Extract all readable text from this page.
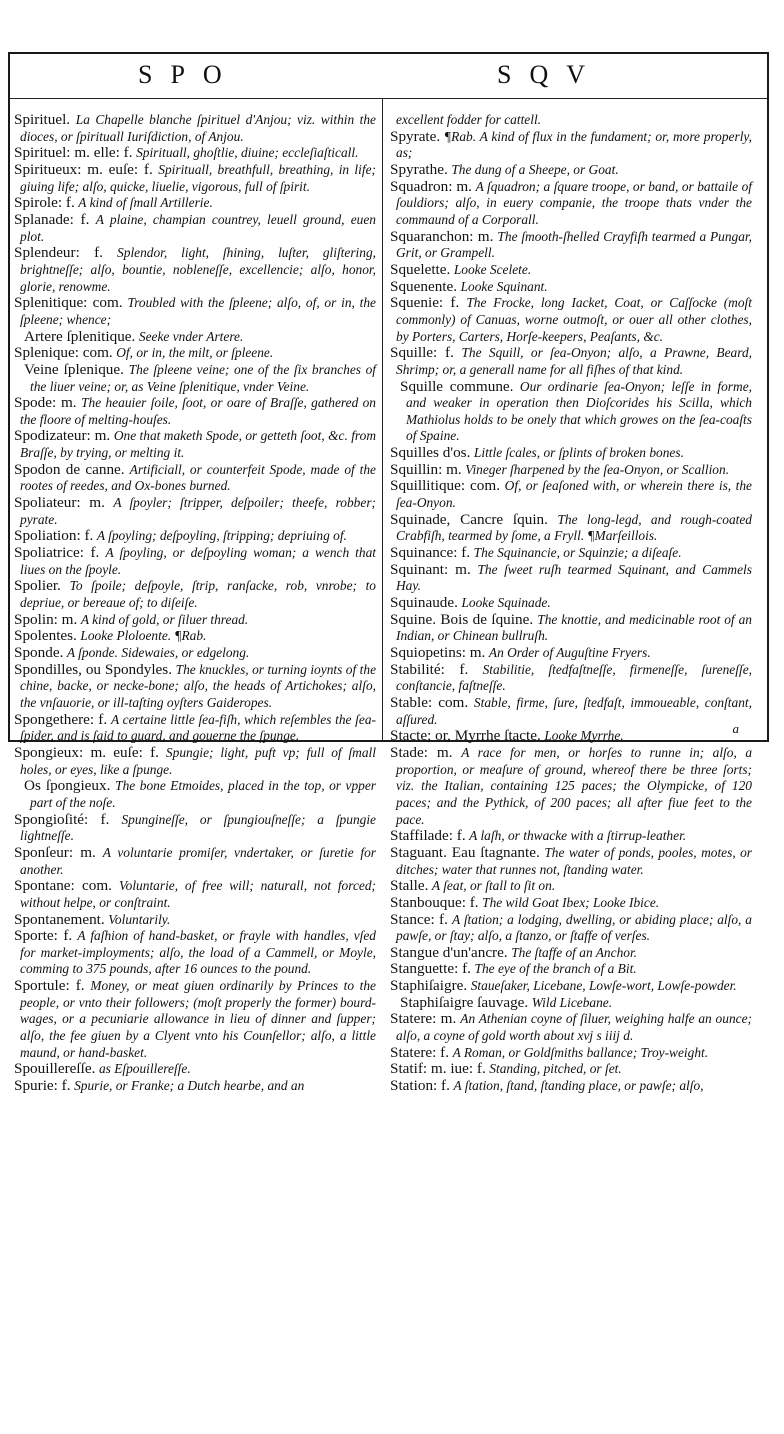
SPO	SQV

Spirituel. La Chapelle blanche ſpirituel d'Anjou; viz. within the dioces, or ſpirituall Iuriſdiction, of Anjou.

Spirituel: m. elle: f. Spirituall, ghoſtlie, diuine; eccleſiaſticall.

Spiritueux: m. euſe: f. Spirituall, breathfull, breathing, in life; giuing life; alſo, quicke, liuelie, vigorous, full of ſpirit.

Spirole: f. A kind of ſmall Artillerie.

Splanade: f. A plaine, champian countrey, leuell ground, euen plot.

Splendeur: f. Splendor, light, ſhining, luſter, gliſtering, brightneſſe; alſo, bountie, nobleneſſe, excellencie; alſo, honor, glorie, renowme.

Splenitique: com. Troubled with the ſpleene; alſo, of, or in, the ſpleene; whence;

Artere ſplenitique. Seeke vnder Artere.

Splenique: com. Of, or in, the milt, or ſpleene.

Veine ſplenique. The ſpleene veine; one of the ſix branches of the liuer veine; or, as Veine ſplenitique, vnder Veine.

Spode: m. The heauier ſoile, ſoot, or oare of Braſſe, gathered on the floore of melting-houſes.

Spodizateur: m. One that maketh Spode, or getteth ſoot, &c. from Braſſe, by trying, or melting it.

Spodon de canne. Artificiall, or counterfeit Spode, made of the rootes of reedes, and Ox-bones burned.

Spoliateur: m. A ſpoyler; ſtripper, deſpoiler; theefe, robber; pyrate.

Spoliation: f. A ſpoyling; deſpoyling, ſtripping; depriuing of.

Spoliatrice: f. A ſpoyling, or deſpoyling woman; a wench that liues on the ſpoyle.

Spolier. To ſpoile; deſpoyle, ſtrip, ranſacke, rob, vnrobe; to depriue, or bereaue of; to diſeiſe.

Spolin: m. A kind of gold, or ſiluer thread.

Spolentes. Looke Ploloente. ¶Rab.

Sponde. A ſponde. Sidewaies, or edgelong.

Spondilles, ou Spondyles. The knuckles, or turning ioynts of the chine, backe, or necke-bone; alſo, the heads of Artichokes; alſo, the vnſauorie, or ill-taſting oyſters Gaideropes.

Spongethere: f. A certaine little ſea-fiſh, which reſembles the ſea-ſpider, and is ſaid to guard, and gouerne the ſpunge.

Spongieux: m. euſe: f. Spungie; light, puft vp; full of ſmall holes, or eyes, like a ſpunge.

Os ſpongieux. The bone Etmoides, placed in the top, or vpper part of the noſe.

Spongioſité: f. Spungineſſe, or ſpungiouſneſſe; a ſpungie lightneſſe.

Sponſeur: m. A voluntarie promiſer, vndertaker, or ſuretie for another.

Spontane: com. Voluntarie, of free will; naturall, not forced; without helpe, or conſtraint.

Spontanement. Voluntarily.

Sporte: f. A faſhion of hand-basket, or frayle with handles, vſed for market-imployments; alſo, the load of a Cammell, or Moyle, comming to 375 pounds, after 16 ounces to the pound.

Sportule: f. Money, or meat giuen ordinarily by Princes to the people, or vnto their followers; (moſt properly the former) bourd-wages, or a pecuniarie allowance in lieu of dinner and ſupper; alſo, the fee giuen by a Clyent vnto his Counſellor; alſo, a little maund, or hand-basket.

Spouillereſſe. as Eſpouillereſſe.

Spurie: f. Spurie, or Franke; a Dutch hearbe, and an

excellent fodder for cattell.

Spyrate. ¶Rab. A kind of flux in the fundament; or, more properly, as;

Spyrathe. The dung of a Sheepe, or Goat.

Squadron: m. A ſquadron; a ſquare troope, or band, or battaile of ſouldiors; alſo, in euery companie, the troope thats vnder the commaund of a Corporall.

Squaranchon: m. The ſmooth-ſhelled Crayfiſh tearmed a Pungar, Grit, or Grampell.

Squelette. Looke Scelete.

Squenente. Looke Squinant.

Squenie: f. The Frocke, long Iacket, Coat, or Caſſocke (moſt commonly) of Canuas, worne outmoſt, or ouer all other clothes, by Porters, Carters, Horſe-keepers, Peaſants, &c.

Squille: f. The Squill, or ſea-Onyon; alſo, a Prawne, Beard, Shrimp; or, a generall name for all fiſhes of that kind.

Squille commune. Our ordinarie ſea-Onyon; leſſe in forme, and weaker in operation then Dioſcorides his Scilla, which Mathiolus holds to be onely that which growes on the ſea-coaſts of Spaine.

Squilles d'os. Little ſcales, or ſplints of broken bones.

Squillin: m. Vineger ſharpened by the ſea-Onyon, or Scallion.

Squillitique: com. Of, or ſeaſoned with, or wherein there is, the ſea-Onyon.

Squinade, Cancre ſquin. The long-legd, and rough-coated Crabfiſh, tearmed by ſome, a Fryll. ¶Marſeillois.

Squinance: f. The Squinancie, or Squinzie; a diſeaſe.

Squinant: m. The ſweet ruſh tearmed Squinant, and Cammels Hay.

Squinaude. Looke Squinade.

Squine. Bois de ſquine. The knottie, and medicinable root of an Indian, or Chinean bullruſh.

Squiopetins: m. An Order of Auguſtine Fryers.

Stabilité: f. Stabilitie, ſtedfaſtneſſe, firmeneſſe, ſureneſſe, conſtancie, faſtneſſe.

Stable: com. Stable, firme, ſure, ſtedfaſt, immoueable, conſtant, aſſured.

Stacte; or, Myrrhe ſtacte. Looke Myrrhe.

Stade: m. A race for men, or horſes to runne in; alſo, a proportion, or meaſure of ground, whereof there be three ſorts; viz. the Italian, containing 125 paces; the Olympicke, of 120 paces; and the Pythick, of 200 paces; all after fiue feet to the pace.

Staffilade: f. A laſh, or thwacke with a ſtirrup-leather.

Staguant. Eau ſtagnante. The water of ponds, pooles, motes, or ditches; water that runnes not, ſtanding water.

Stalle. A ſeat, or ſtall to ſit on.

Stanbouque: f. The wild Goat Ibex; Looke Ibice.

Stance: f. A ſtation; a lodging, dwelling, or abiding place; alſo, a pawſe, or ſtay; alſo, a ſtanzo, or ſtaffe of verſes.

Stangue d'un'ancre. The ſtaffe of an Anchor.

Stanguette: f. The eye of the branch of a Bit.

Staphiſaigre. Staueſaker, Licebane, Lowſe-wort, Lowſe-powder.

Staphiſaigre ſauvage. Wild Licebane.

Statere: m. An Athenian coyne of ſiluer, weighing halfe an ounce; alſo, a coyne of gold worth about xvj s iiij d.

Statere: f. A Roman, or Goldſmiths ballance; Troy-weight.

Statif: m. iue: f. Standing, pitched, or ſet.

Station: f. A ſtation, ſtand, ſtanding place, or pawſe; alſo,

a
